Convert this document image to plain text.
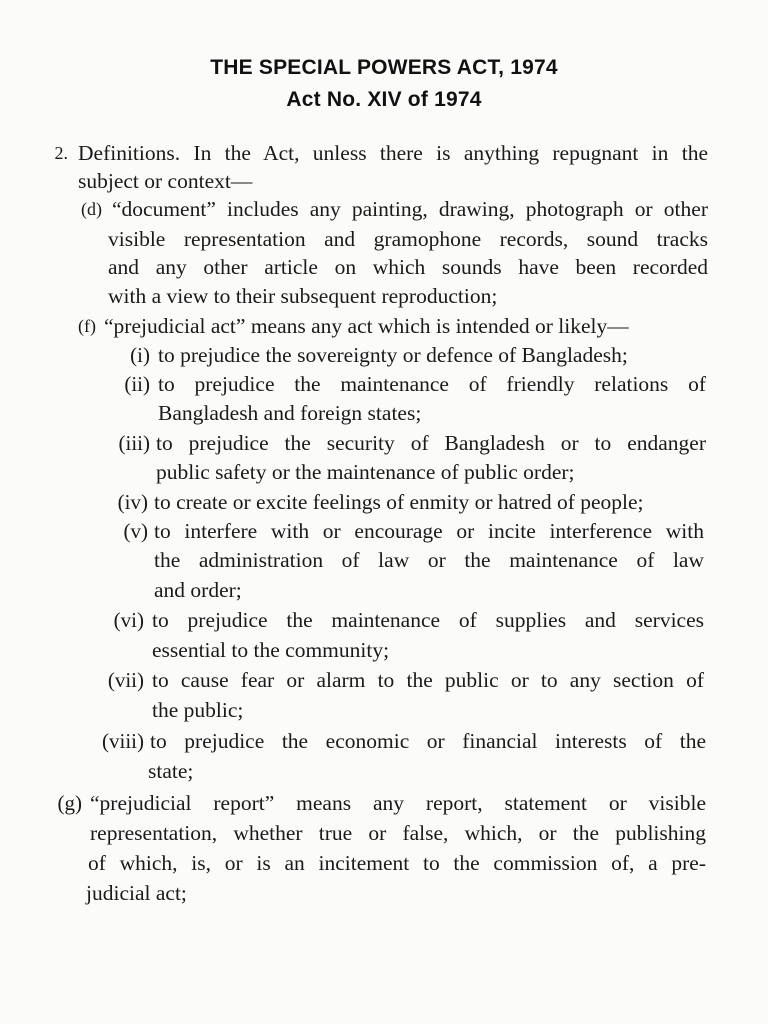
THE SPECIAL POWERS ACT, 1974
Act No. XIV of 1974
2. Definitions. In the Act, unless there is anything repugnant in the
subject or context—
(d) “document” includes any painting, drawing, photograph or other
visible representation and gramophone records, sound tracks
and any other article on which sounds have been recorded
with a view to their subsequent reproduction;
(f) “prejudicial act” means any act which is intended or likely—
(i) to prejudice the sovereignty or defence of Bangladesh;
(ii) to prejudice the maintenance of friendly relations of
Bangladesh and foreign states;
(iii) to prejudice the security of Bangladesh or to endanger
public safety or the maintenance of public order;
(iv) to create or excite feelings of enmity or hatred of people;
(v) to interfere with or encourage or incite interference with
the administration of law or the maintenance of law
and order;
(vi) to prejudice the maintenance of supplies and services
essential to the community;
(vii) to cause fear or alarm to the public or to any section of
the public;
(viii) to prejudice the economic or financial interests of the
state;
(g) “prejudicial report” means any report, statement or visible
representation, whether true or false, which, or the publishing
of which, is, or is an incitement to the commission of, a pre-
judicial act;
